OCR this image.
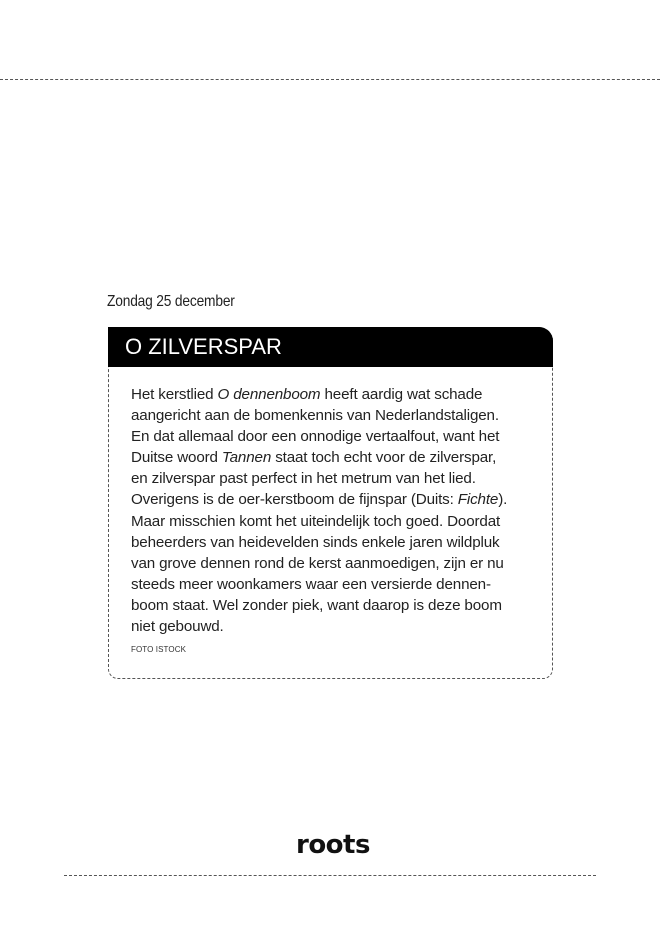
Zondag 25 december
O ZILVERSPAR

Het kerstlied O dennenboom heeft aardig wat schade

aangericht aan de bomenkennis van Nederlandstaligen.

En dat allemaal door een onnodige vertaalfout, want het

Duitse woord Tannen staat toch echt voor de zilverspar,

en zilverspar past perfect in het metrum van het lied.

Overigens is de oer-kerstboom de fijnspar (Duits: Fichte).

Maar misschien komt het uiteindelijk toch goed. Doordat

beheerders van heidevelden sinds enkele jaren wildpluk

van grove dennen rond de kerst aanmoedigen, zijn er nu

steeds meer woonkamers waar een versierde dennen-

boom staat. Wel zonder piek, want daarop is deze boom

niet gebouwd.

FOTO ISTOCK
roots
